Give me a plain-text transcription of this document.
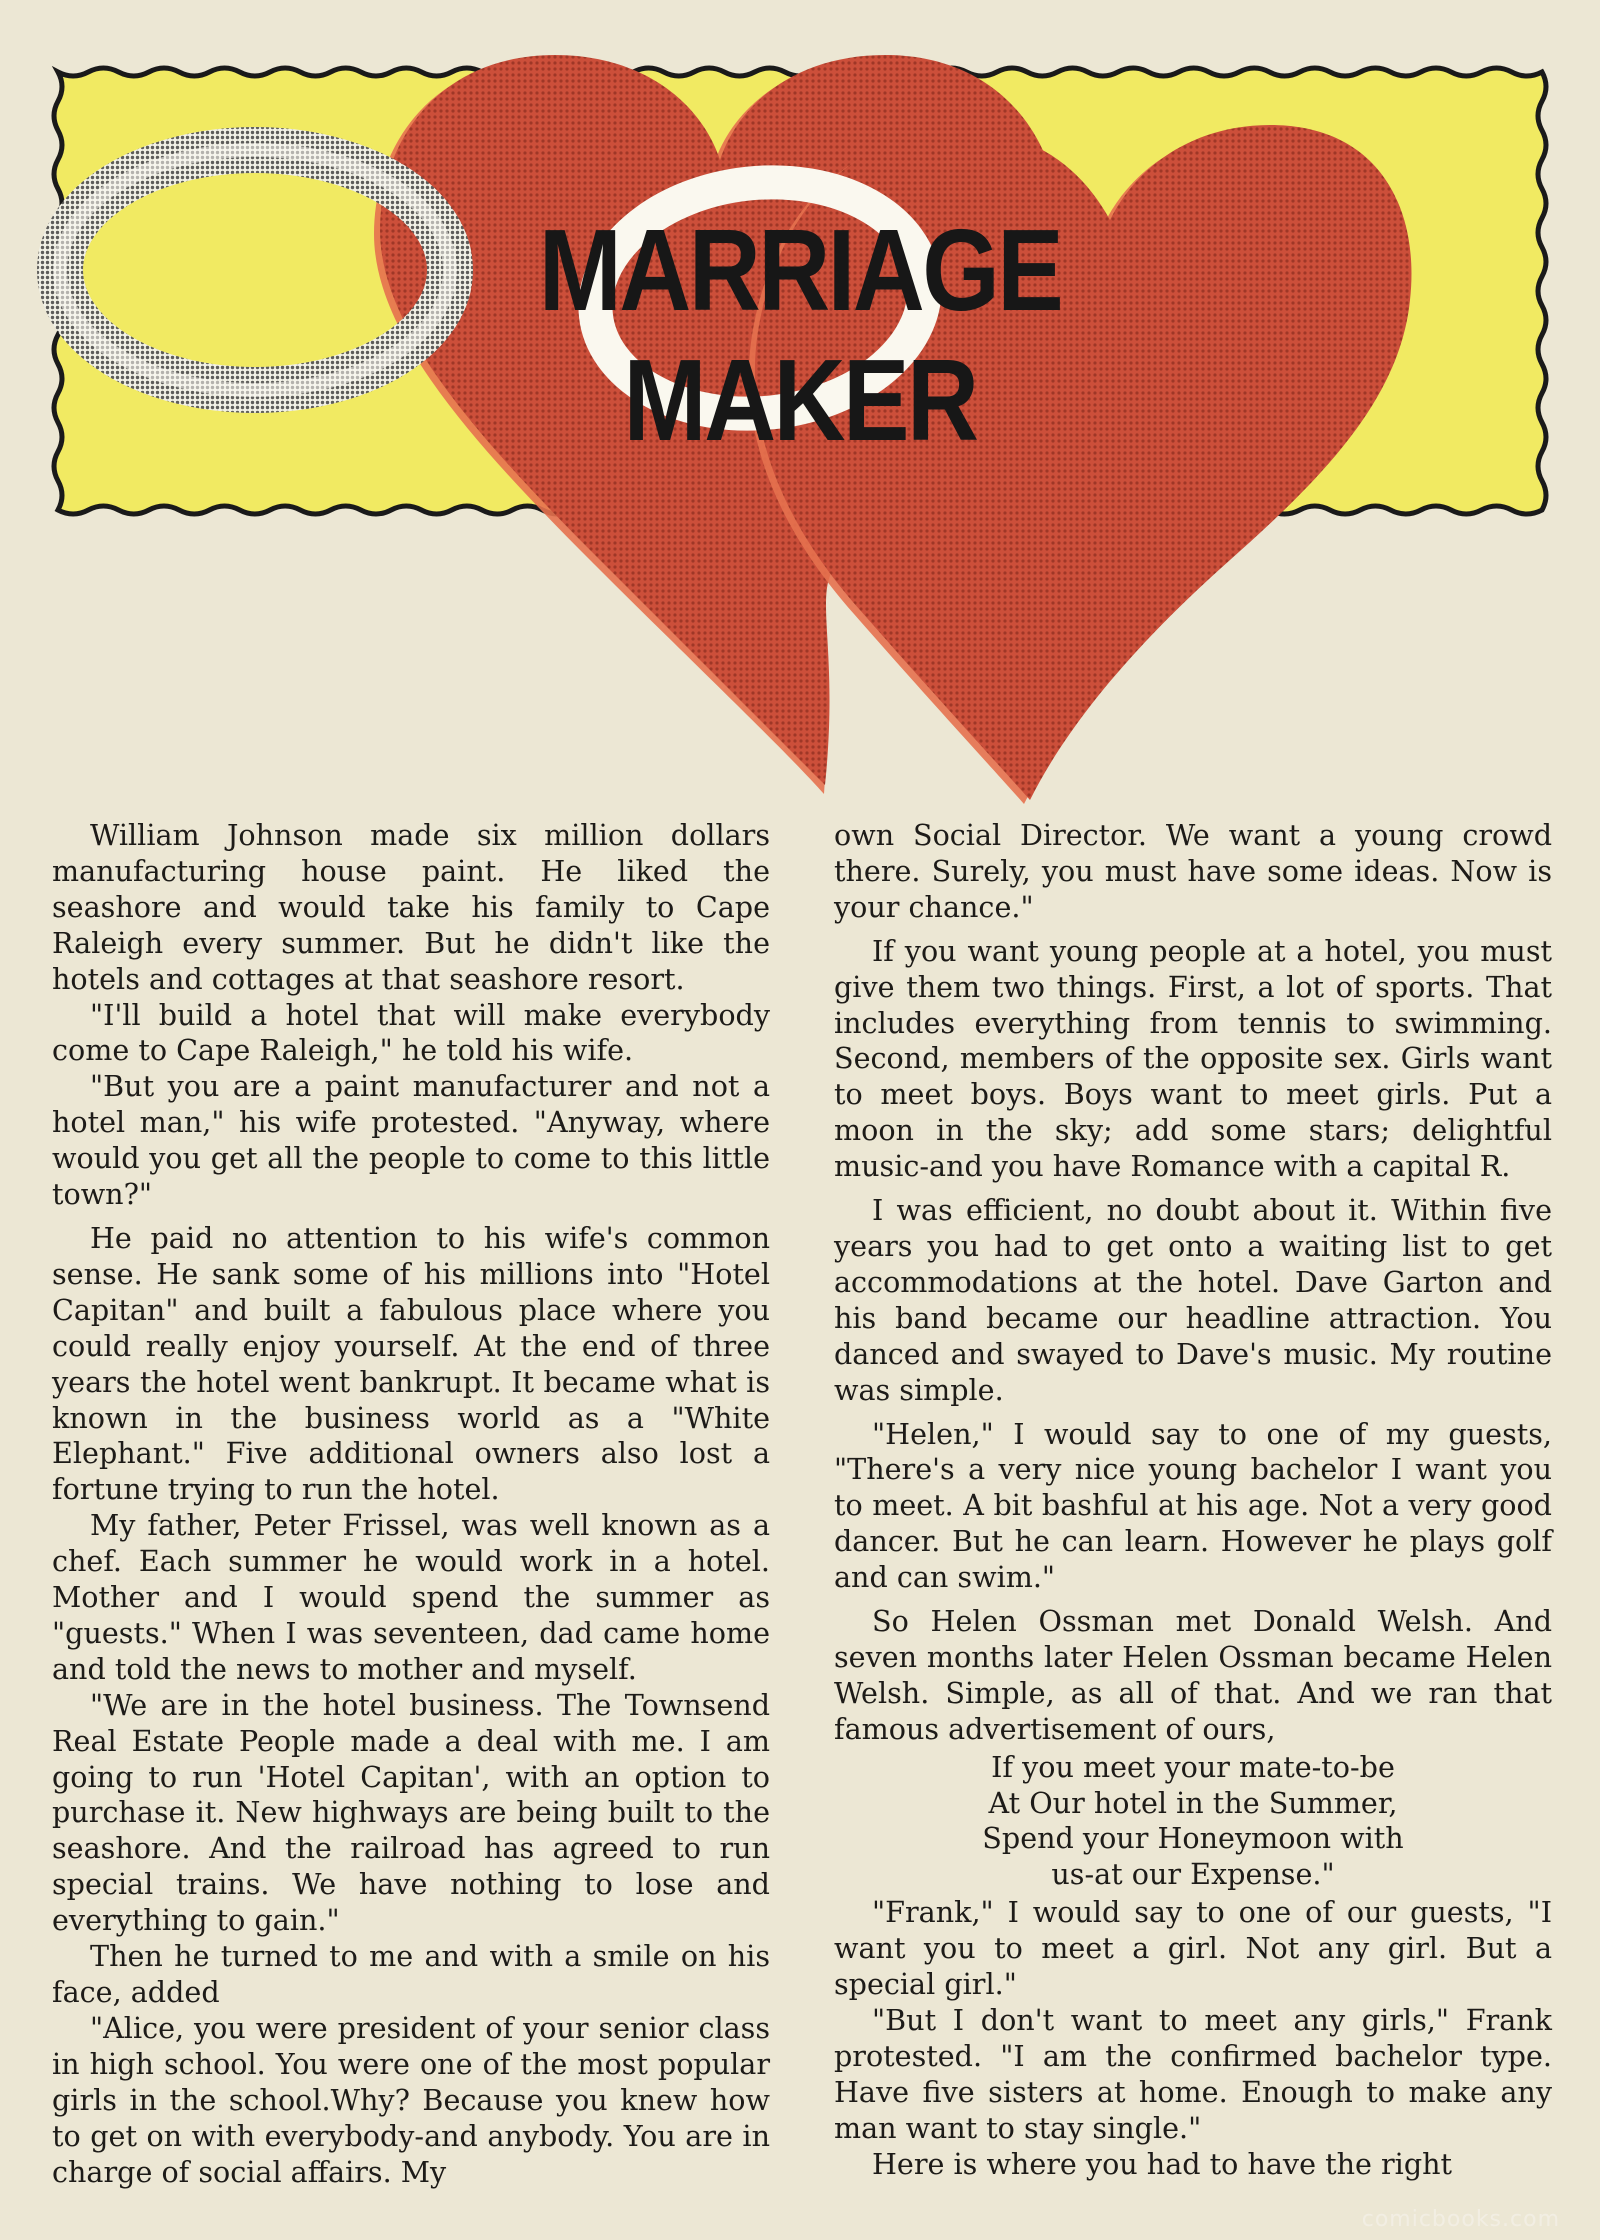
MARRIAGE MAKER

William Johnson made six million dollars manufacturing house paint. He liked the seashore and would take his family to Cape Raleigh every summer. But he didn't like the hotels and cottages at that seashore resort.

"I'll build a hotel that will make everybody come to Cape Raleigh," he told his wife.

"But you are a paint manufacturer and not a hotel man," his wife protested. "Anyway, where would you get all the people to come to this little town?"

He paid no attention to his wife's common sense. He sank some of his millions into "Hotel Capitan" and built a fabulous place where you could really enjoy yourself. At the end of three years the hotel went bankrupt. It became what is known in the business world as a "White Elephant." Five additional owners also lost a fortune trying to run the hotel.

My father, Peter Frissel, was well known as a chef. Each summer he would work in a hotel. Mother and I would spend the summer as "guests." When I was seventeen, dad came home and told the news to mother and myself.

"We are in the hotel business. The Townsend Real Estate People made a deal with me. I am going to run 'Hotel Capitan', with an option to purchase it. New highways are being built to the seashore. And the railroad has agreed to run special trains. We have nothing to lose and everything to gain."

Then he turned to me and with a smile on his face, added

"Alice, you were president of your senior class in high school. You were one of the most popular girls in the school.Why? Because you knew how to get on with everybody-and anybody. You are in charge of social affairs. My

own Social Director. We want a young crowd there. Surely, you must have some ideas. Now is your chance."

If you want young people at a hotel, you must give them two things. First, a lot of sports. That includes everything from tennis to swimming. Second, members of the opposite sex. Girls want to meet boys. Boys want to meet girls. Put a moon in the sky; add some stars; delightful music-and you have Romance with a capital R.

I was efficient, no doubt about it. Within five years you had to get onto a waiting list to get accommodations at the hotel. Dave Garton and his band became our headline attraction. You danced and swayed to Dave's music. My routine was simple.

"Helen," I would say to one of my guests, "There's a very nice young bachelor I want you to meet. A bit bashful at his age. Not a very good dancer. But he can learn. However he plays golf and can swim."

So Helen Ossman met Donald Welsh. And seven months later Helen Ossman became Helen Welsh. Simple, as all of that. And we ran that famous advertisement of ours,

If you meet your mate-to-be
At Our hotel in the Summer,
Spend your Honeymoon with
us-at our Expense."

"Frank," I would say to one of our guests, "I want you to meet a girl. Not any girl. But a special girl."

"But I don't want to meet any girls," Frank protested. "I am the confirmed bachelor type. Have five sisters at home. Enough to make any man want to stay single."

Here is where you had to have the right

comicbooks.com
